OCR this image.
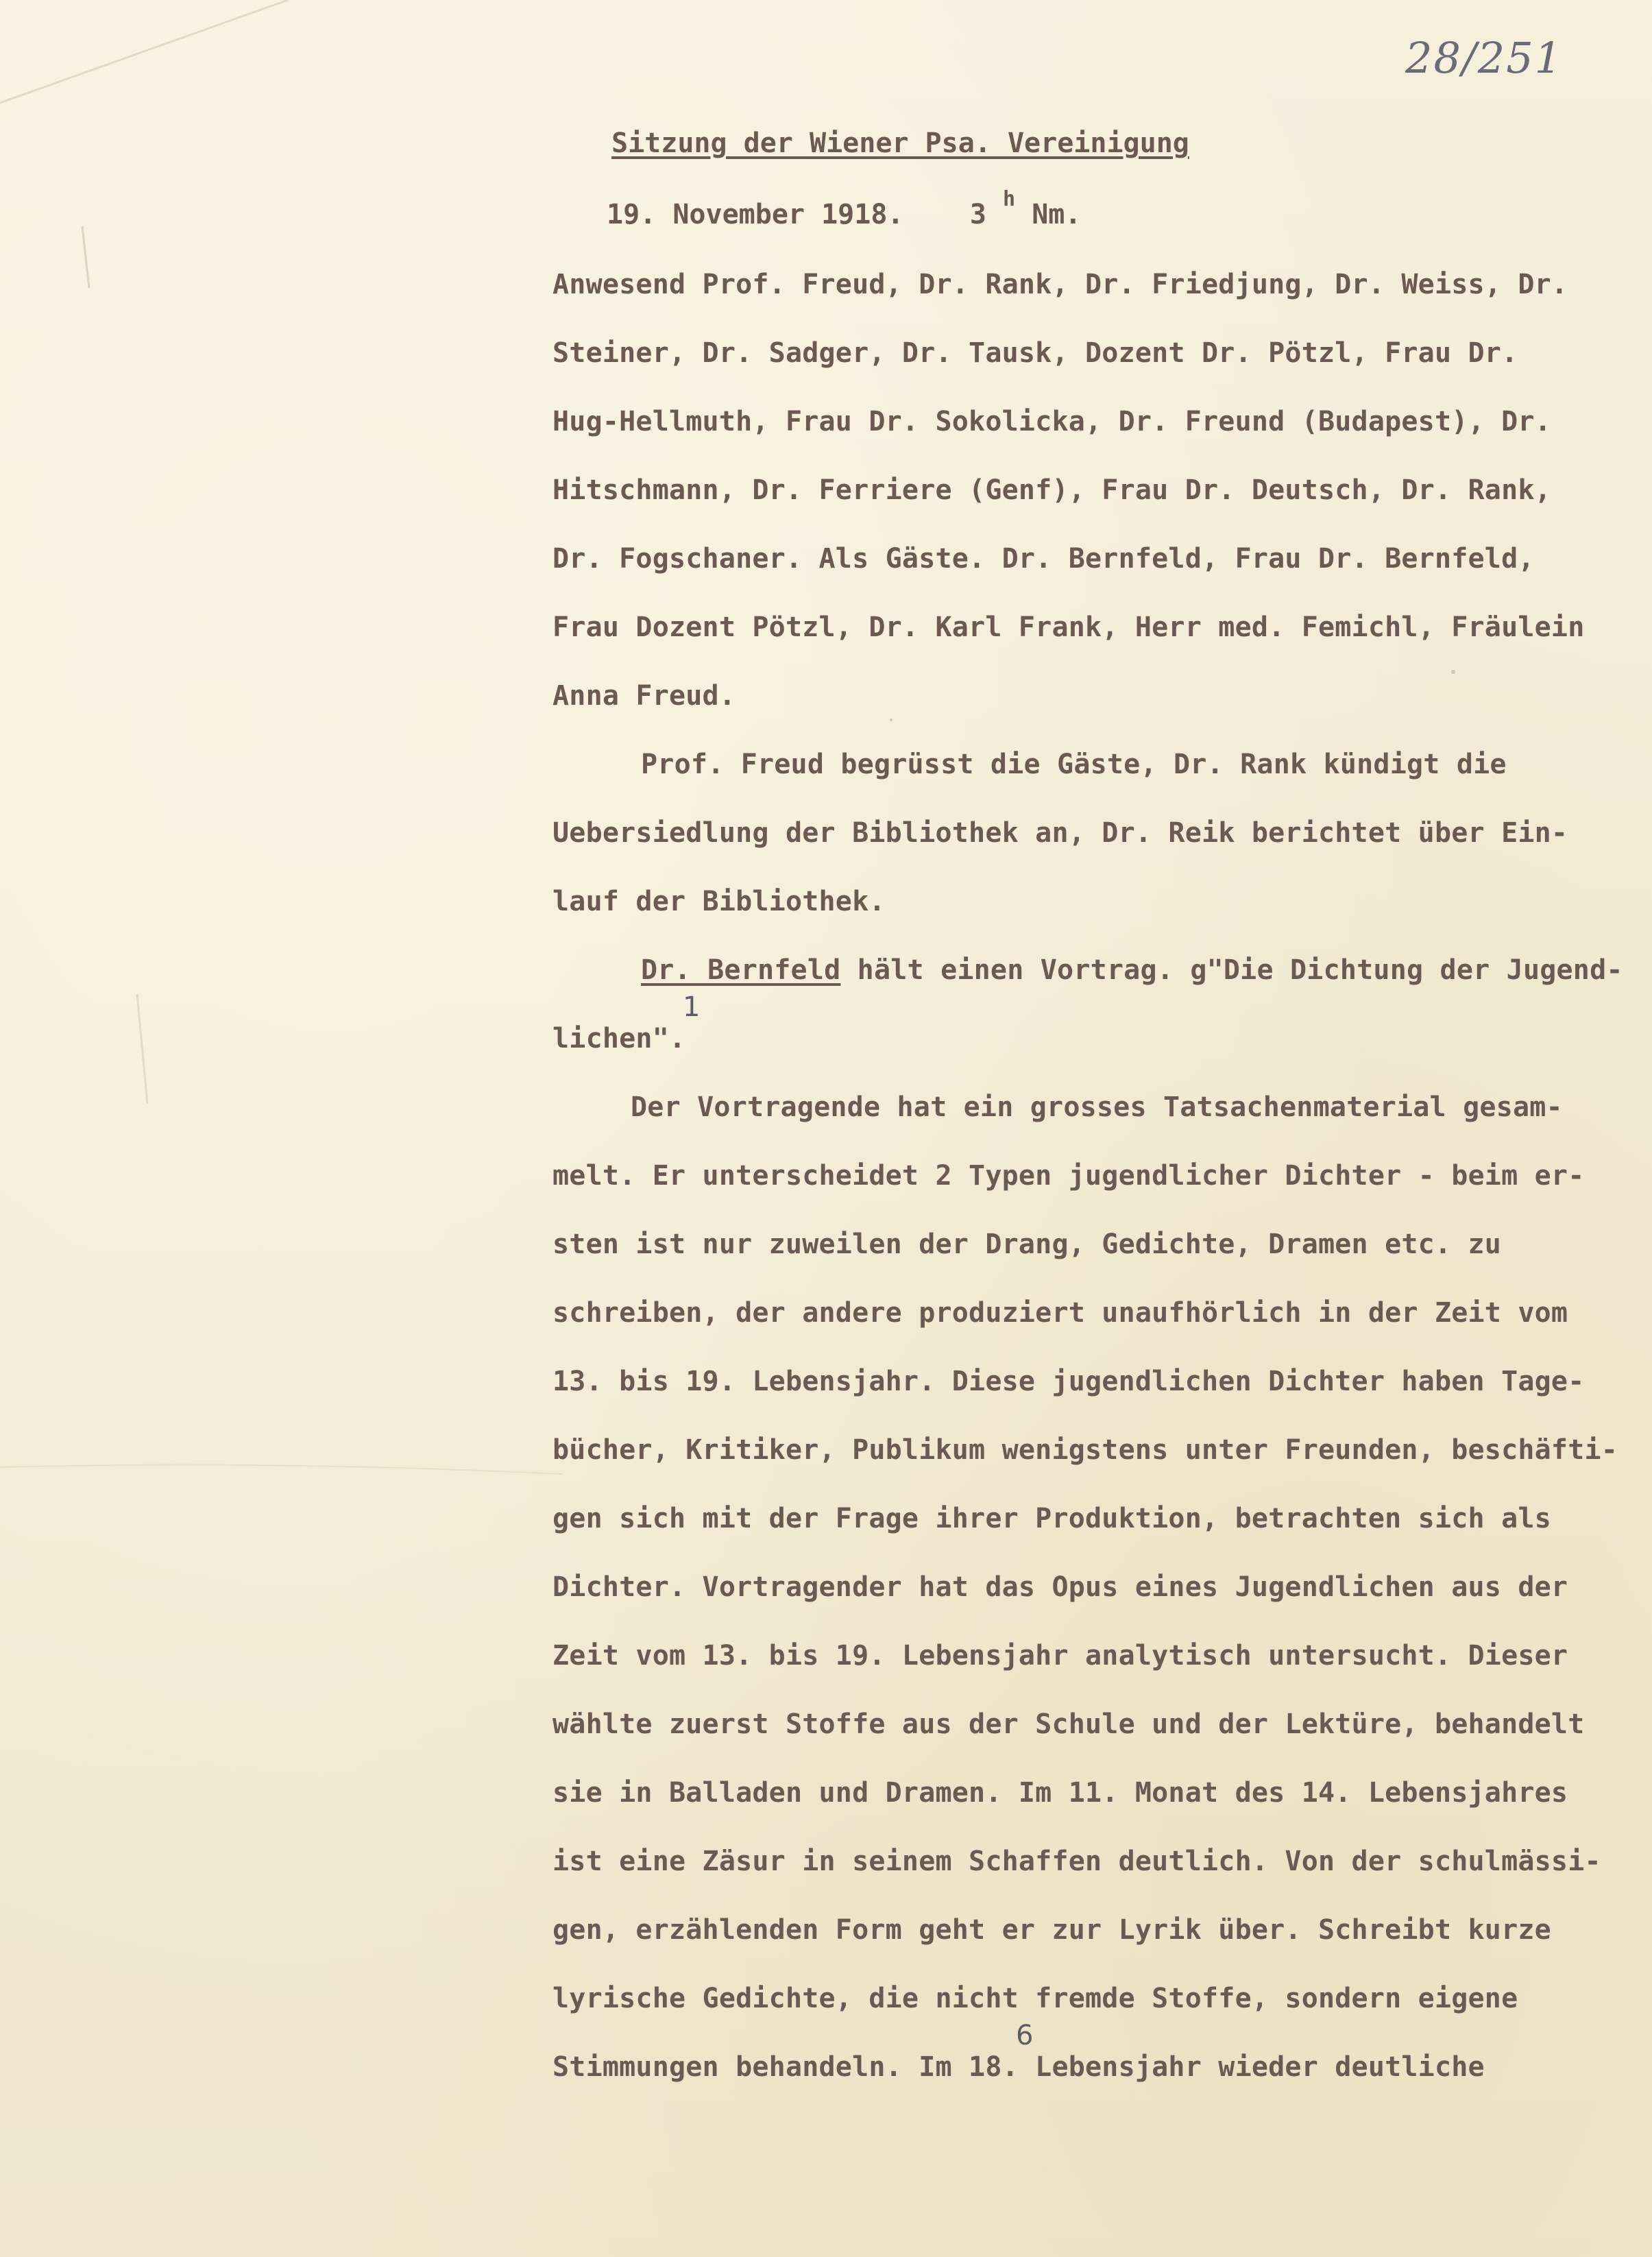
28/251
Sitzung der Wiener Psa. Vereinigung
19. November 1918. 3 $^h$ Nm.
Anwesend Prof. Freud, Dr. Rank, Dr. Friedjung, Dr. Weiss, Dr.
Steiner, Dr. Sadger, Dr. Tausk, Dozent Dr. Pötzl, Frau Dr.
Hug-Hellmuth, Frau Dr. Sokolicka, Dr. Freund (Budapest), Dr.
Hitschmann, Dr. Ferriere (Genf), Frau Dr. Deutsch, Dr. Rank,
Dr. Fogschaner. Als Gäste. Dr. Bernfeld, Frau Dr. Bernfeld,
Frau Dozent Pötzl, Dr. Karl Frank, Herr med. Femichl, Fräulein
Anna Freud.
Prof. Freud begrüsst die Gäste, Dr. Rank kündigt die
Uebersiedlung der Bibliothek an, Dr. Reik berichtet über Ein-
lauf der Bibliothek.
Dr. Bernfeld hält einen Vortrag. g"Die Dichtung der Jugend-
lichen".
1
Der Vortragende hat ein grosses Tatsachenmaterial gesam-
melt. Er unterscheidet 2 Typen jugendlicher Dichter - beim er-
sten ist nur zuweilen der Drang, Gedichte, Dramen etc. zu
schreiben, der andere produziert unaufhörlich in der Zeit vom
13. bis 19. Lebensjahr. Diese jugendlichen Dichter haben Tage-
bücher, Kritiker, Publikum wenigstens unter Freunden, beschäfti-
gen sich mit der Frage ihrer Produktion, betrachten sich als
Dichter. Vortragender hat das Opus eines Jugendlichen aus der
Zeit vom 13. bis 19. Lebensjahr analytisch untersucht. Dieser
wählte zuerst Stoffe aus der Schule und der Lektüre, behandelt
sie in Balladen und Dramen. Im 11. Monat des 14. Lebensjahres
ist eine Zäsur in seinem Schaffen deutlich. Von der schulmässi-
gen, erzählenden Form geht er zur Lyrik über. Schreibt kurze
lyrische Gedichte, die nicht fremde Stoffe, sondern eigene
Stimmungen behandeln. Im 18. Lebensjahr wieder deutliche
6
